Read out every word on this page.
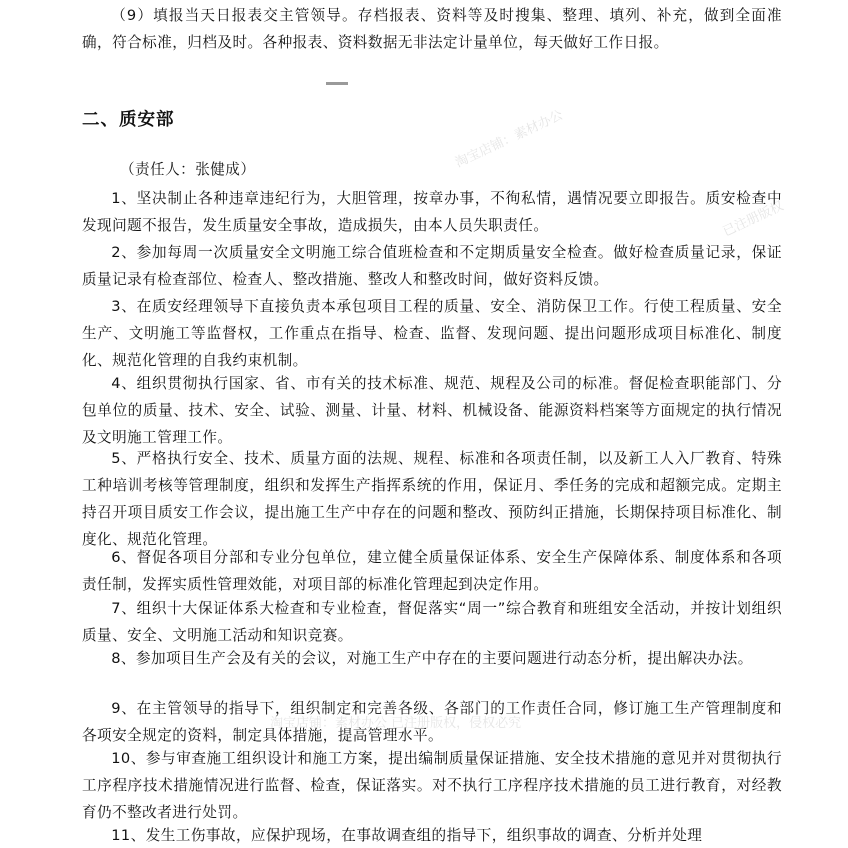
（9）填报当天日报表交主管领导。存档报表、资料等及时搜集、整理、填列、补充，做到全面准确，符合标准，归档及时。各种报表、资料数据无非法定计量单位，每天做好工作日报。

二、质安部

（责任人：张健成）

1、坚决制止各种违章违纪行为，大胆管理，按章办事，不徇私情，遇情况要立即报告。质安检查中发现问题不报告，发生质量安全事故，造成损失，由本人员失职责任。

2、参加每周一次质量安全文明施工综合值班检查和不定期质量安全检查。做好检查质量记录，保证质量记录有检查部位、检查人、整改措施、整改人和整改时间，做好资料反馈。

3、在质安经理领导下直接负责本承包项目工程的质量、安全、消防保卫工作。行使工程质量、安全生产、文明施工等监督权，工作重点在指导、检查、监督、发现问题、提出问题形成项目标准化、制度化、规范化管理的自我约束机制。

4、组织贯彻执行国家、省、市有关的技术标准、规范、规程及公司的标准。督促检查职能部门、分包单位的质量、技术、安全、试验、测量、计量、材料、机械设备、能源资料档案等方面规定的执行情况及文明施工管理工作。

5、严格执行安全、技术、质量方面的法规、规程、标准和各项责任制，以及新工人入厂教育、特殊工种培训考核等管理制度，组织和发挥生产指挥系统的作用，保证月、季任务的完成和超额完成。定期主持召开项目质安工作会议，提出施工生产中存在的问题和整改、预防纠正措施，长期保持项目标准化、制度化、规范化管理。

6、督促各项目分部和专业分包单位，建立健全质量保证体系、安全生产保障体系、制度体系和各项责任制，发挥实质性管理效能，对项目部的标准化管理起到决定作用。

7、组织十大保证体系大检查和专业检查，督促落实“周一”综合教育和班组安全活动，并按计划组织质量、安全、文明施工活动和知识竞赛。

8、参加项目生产会及有关的会议，对施工生产中存在的主要问题进行动态分析，提出解决办法。

9、在主管领导的指导下，组织制定和完善各级、各部门的工作责任合同，修订施工生产管理制度和各项安全规定的资料，制定具体措施，提高管理水平。

10、参与审查施工组织设计和施工方案，提出编制质量保证措施、安全技术措施的意见并对贯彻执行工序程序技术措施情况进行监督、检查，保证落实。对不执行工序程序技术措施的员工进行教育，对经教育仍不整改者进行处罚。

11、发生工伤事故，应保护现场，在事故调查组的指导下，组织事故的调查、分析并处理

淘宝店铺：素材办公
已注册版权
淘宝店铺：素材办公 已注册版权，侵权必究
